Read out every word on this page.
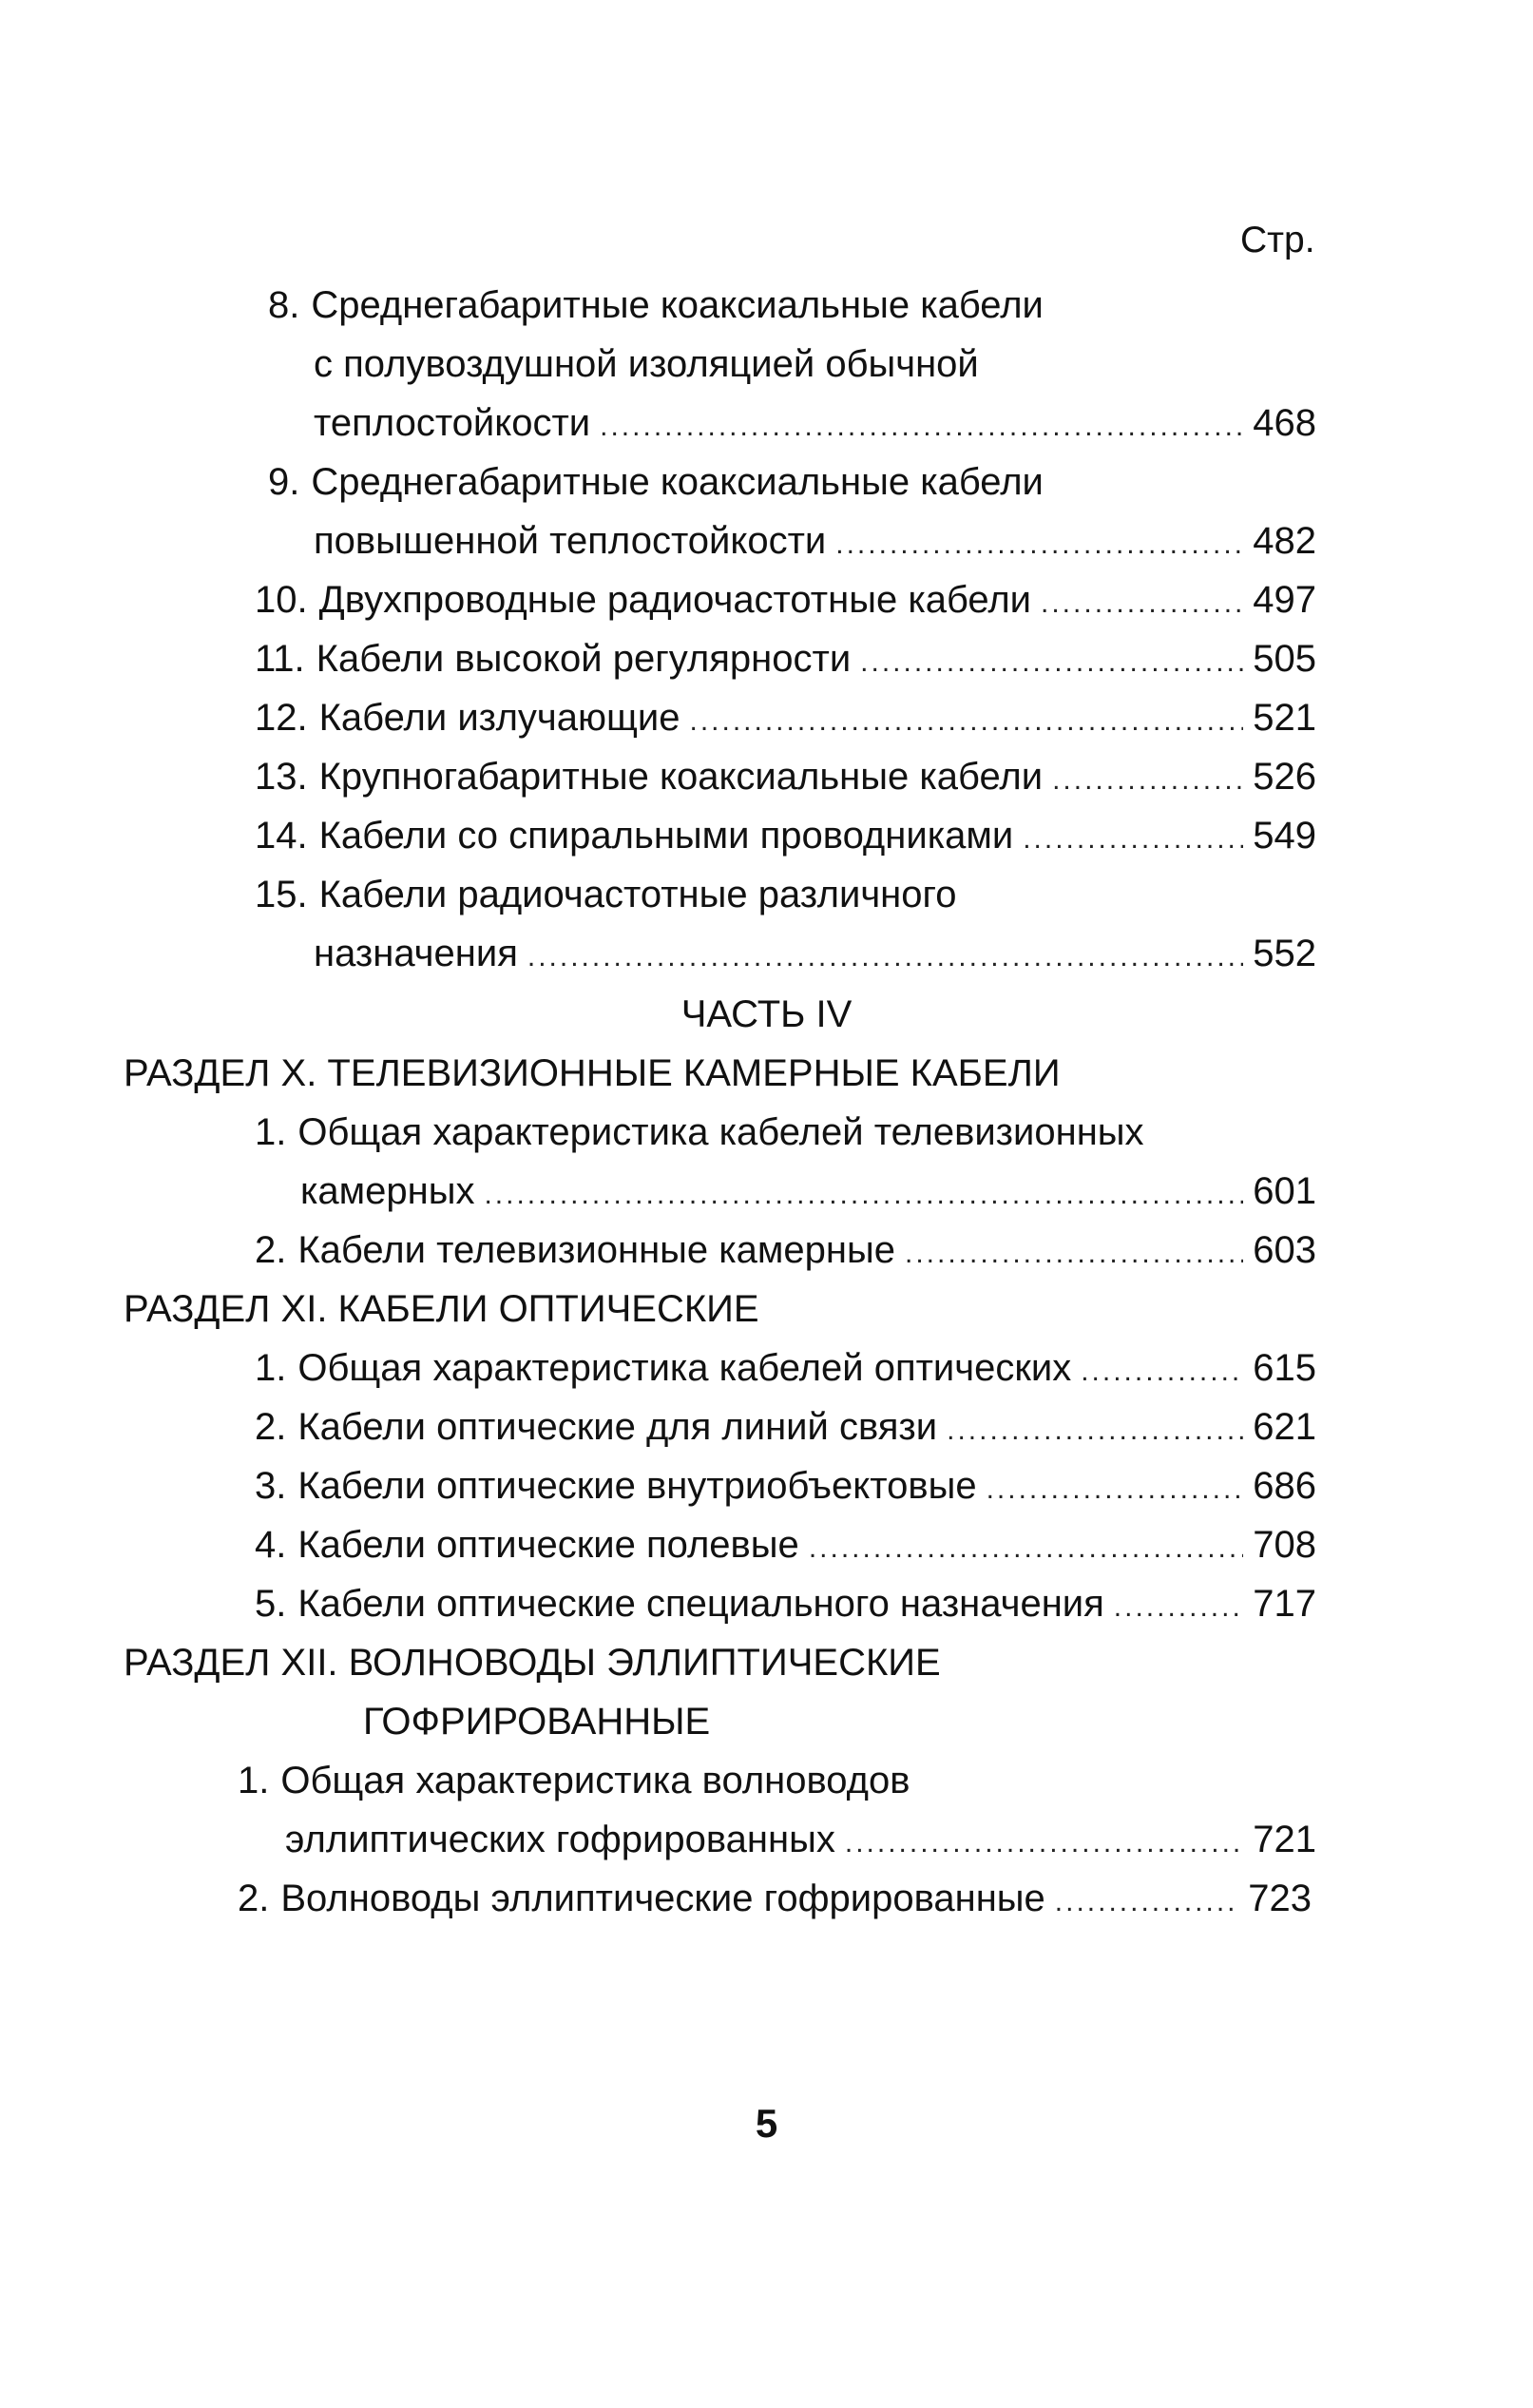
Стр.
8. Среднегабаритные коаксиальные кабели
с полувоздушной изоляцией обычной
теплостойкости .....	468
9. Среднегабаритные коаксиальные кабели
повышенной теплостойкости .....	482
10. Двухпроводные радиочастотные кабели .....	497
11. Кабели высокой регулярности .....	505
12. Кабели излучающие .....	521
13. Крупногабаритные коаксиальные кабели .....	526
14. Кабели со спиральными проводниками .....	549
15. Кабели радиочастотные различного
назначения .....	552
ЧАСТЬ IV
РАЗДЕЛ X. ТЕЛЕВИЗИОННЫЕ КАМЕРНЫЕ КАБЕЛИ
1. Общая характеристика кабелей телевизионных
камерных .....	601
2. Кабели телевизионные камерные .....	603
РАЗДЕЛ XI. КАБЕЛИ ОПТИЧЕСКИЕ
1. Общая характеристика кабелей оптических .....	615
2. Кабели оптические для линий связи .....	621
3. Кабели оптические внутриобъектовые .....	686
4. Кабели оптические полевые .....	708
5. Кабели оптические специального назначения .....	717
РАЗДЕЛ XII. ВОЛНОВОДЫ ЭЛЛИПТИЧЕСКИЕ
ГОФРИРОВАННЫЕ
1. Общая характеристика волноводов
эллиптических гофрированных .....	721
2. Волноводы эллиптические гофрированные .....	723
5
